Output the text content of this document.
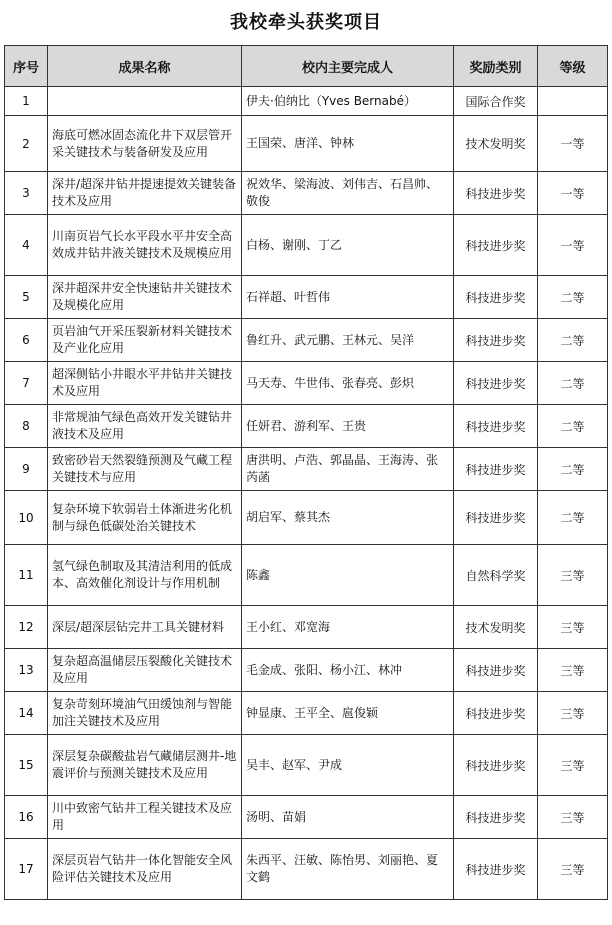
我校牵头获奖项目
序号	成果名称	校内主要完成人	奖励类别	等级
1		伊夫·伯纳比（Yves Bernabé）	国际合作奖	
2	海底可燃冰固态流化井下双层管开采关键技术与装备研发及应用	王国荣、唐洋、钟林	技术发明奖	一等
3	深井/超深井钻井提速提效关键装备技术及应用	祝效华、梁海波、刘伟吉、石昌帅、敬俊	科技进步奖	一等
4	川南页岩气长水平段水平井安全高效成井钻井液关键技术及规模应用	白杨、谢刚、丁乙	科技进步奖	一等
5	深井超深井安全快速钻井关键技术及规模化应用	石祥超、叶哲伟	科技进步奖	二等
6	页岩油气开采压裂新材料关键技术及产业化应用	鲁红升、武元鹏、王林元、吴洋	科技进步奖	二等
7	超深侧钻小井眼水平井钻井关键技术及应用	马天寿、牛世伟、张春亮、彭炽	科技进步奖	二等
8	非常规油气绿色高效开发关键钻井液技术及应用	任妍君、游利军、王贵	科技进步奖	二等
9	致密砂岩天然裂缝预测及气藏工程关键技术与应用	唐洪明、卢浩、郭晶晶、王海涛、张芮菡	科技进步奖	二等
10	复杂环境下软弱岩土体渐进劣化机制与绿色低碳处治关键技术	胡启军、蔡其杰	科技进步奖	二等
11	氢气绿色制取及其清洁利用的低成本、高效催化剂设计与作用机制	陈鑫	自然科学奖	三等
12	深层/超深层钻完井工具关键材料	王小红、邓宽海	技术发明奖	三等
13	复杂超高温储层压裂酸化关键技术及应用	毛金成、张阳、杨小江、林冲	科技进步奖	三等
14	复杂苛刻环境油气田缓蚀剂与智能加注关键技术及应用	钟显康、王平全、扈俊颖	科技进步奖	三等
15	深层复杂碳酸盐岩气藏储层测井-地震评价与预测关键技术及应用	吴丰、赵军、尹成	科技进步奖	三等
16	川中致密气钻井工程关键技术及应用	汤明、苗娟	科技进步奖	三等
17	深层页岩气钻井一体化智能安全风险评估关键技术及应用	朱西平、汪敏、陈怡男、刘丽艳、夏文鹤	科技进步奖	三等
